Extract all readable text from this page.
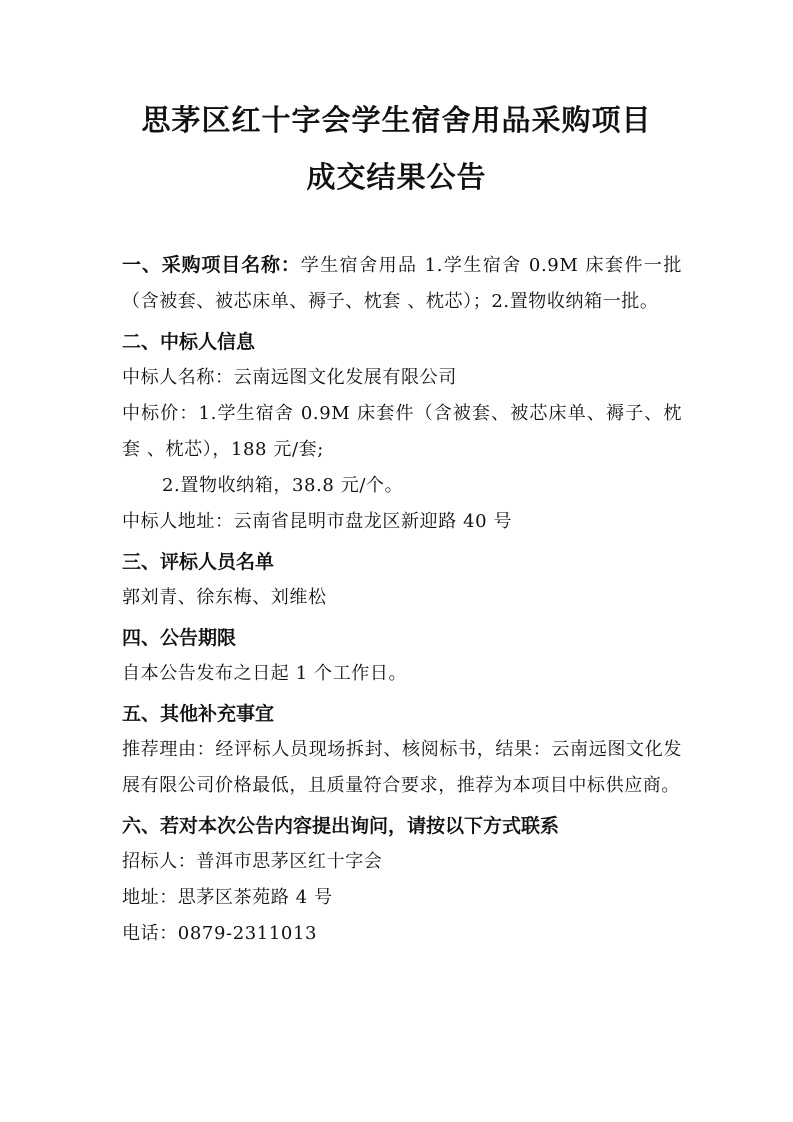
思茅区红十字会学生宿舍用品采购项目
成交结果公告

一、采购项目名称：学生宿舍用品 1.学生宿舍 0.9M 床套件一批（含被套、被芯床单、褥子、枕套 、枕芯）；2.置物收纳箱一批。

二、中标人信息

中标人名称：云南远图文化发展有限公司

中标价：1.学生宿舍 0.9M 床套件（含被套、被芯床单、褥子、枕套 、枕芯），188 元/套;

2.置物收纳箱，38.8 元/个。

中标人地址：云南省昆明市盘龙区新迎路 40 号

三、评标人员名单

郭刘青、徐东梅、刘维松

四、公告期限

自本公告发布之日起 1 个工作日。

五、其他补充事宜

推荐理由：经评标人员现场拆封、核阅标书，结果：云南远图文化发展有限公司价格最低，且质量符合要求，推荐为本项目中标供应商。

六、若对本次公告内容提出询问，请按以下方式联系

招标人：普洱市思茅区红十字会

地址：思茅区茶苑路 4 号

电话：0879-2311013
